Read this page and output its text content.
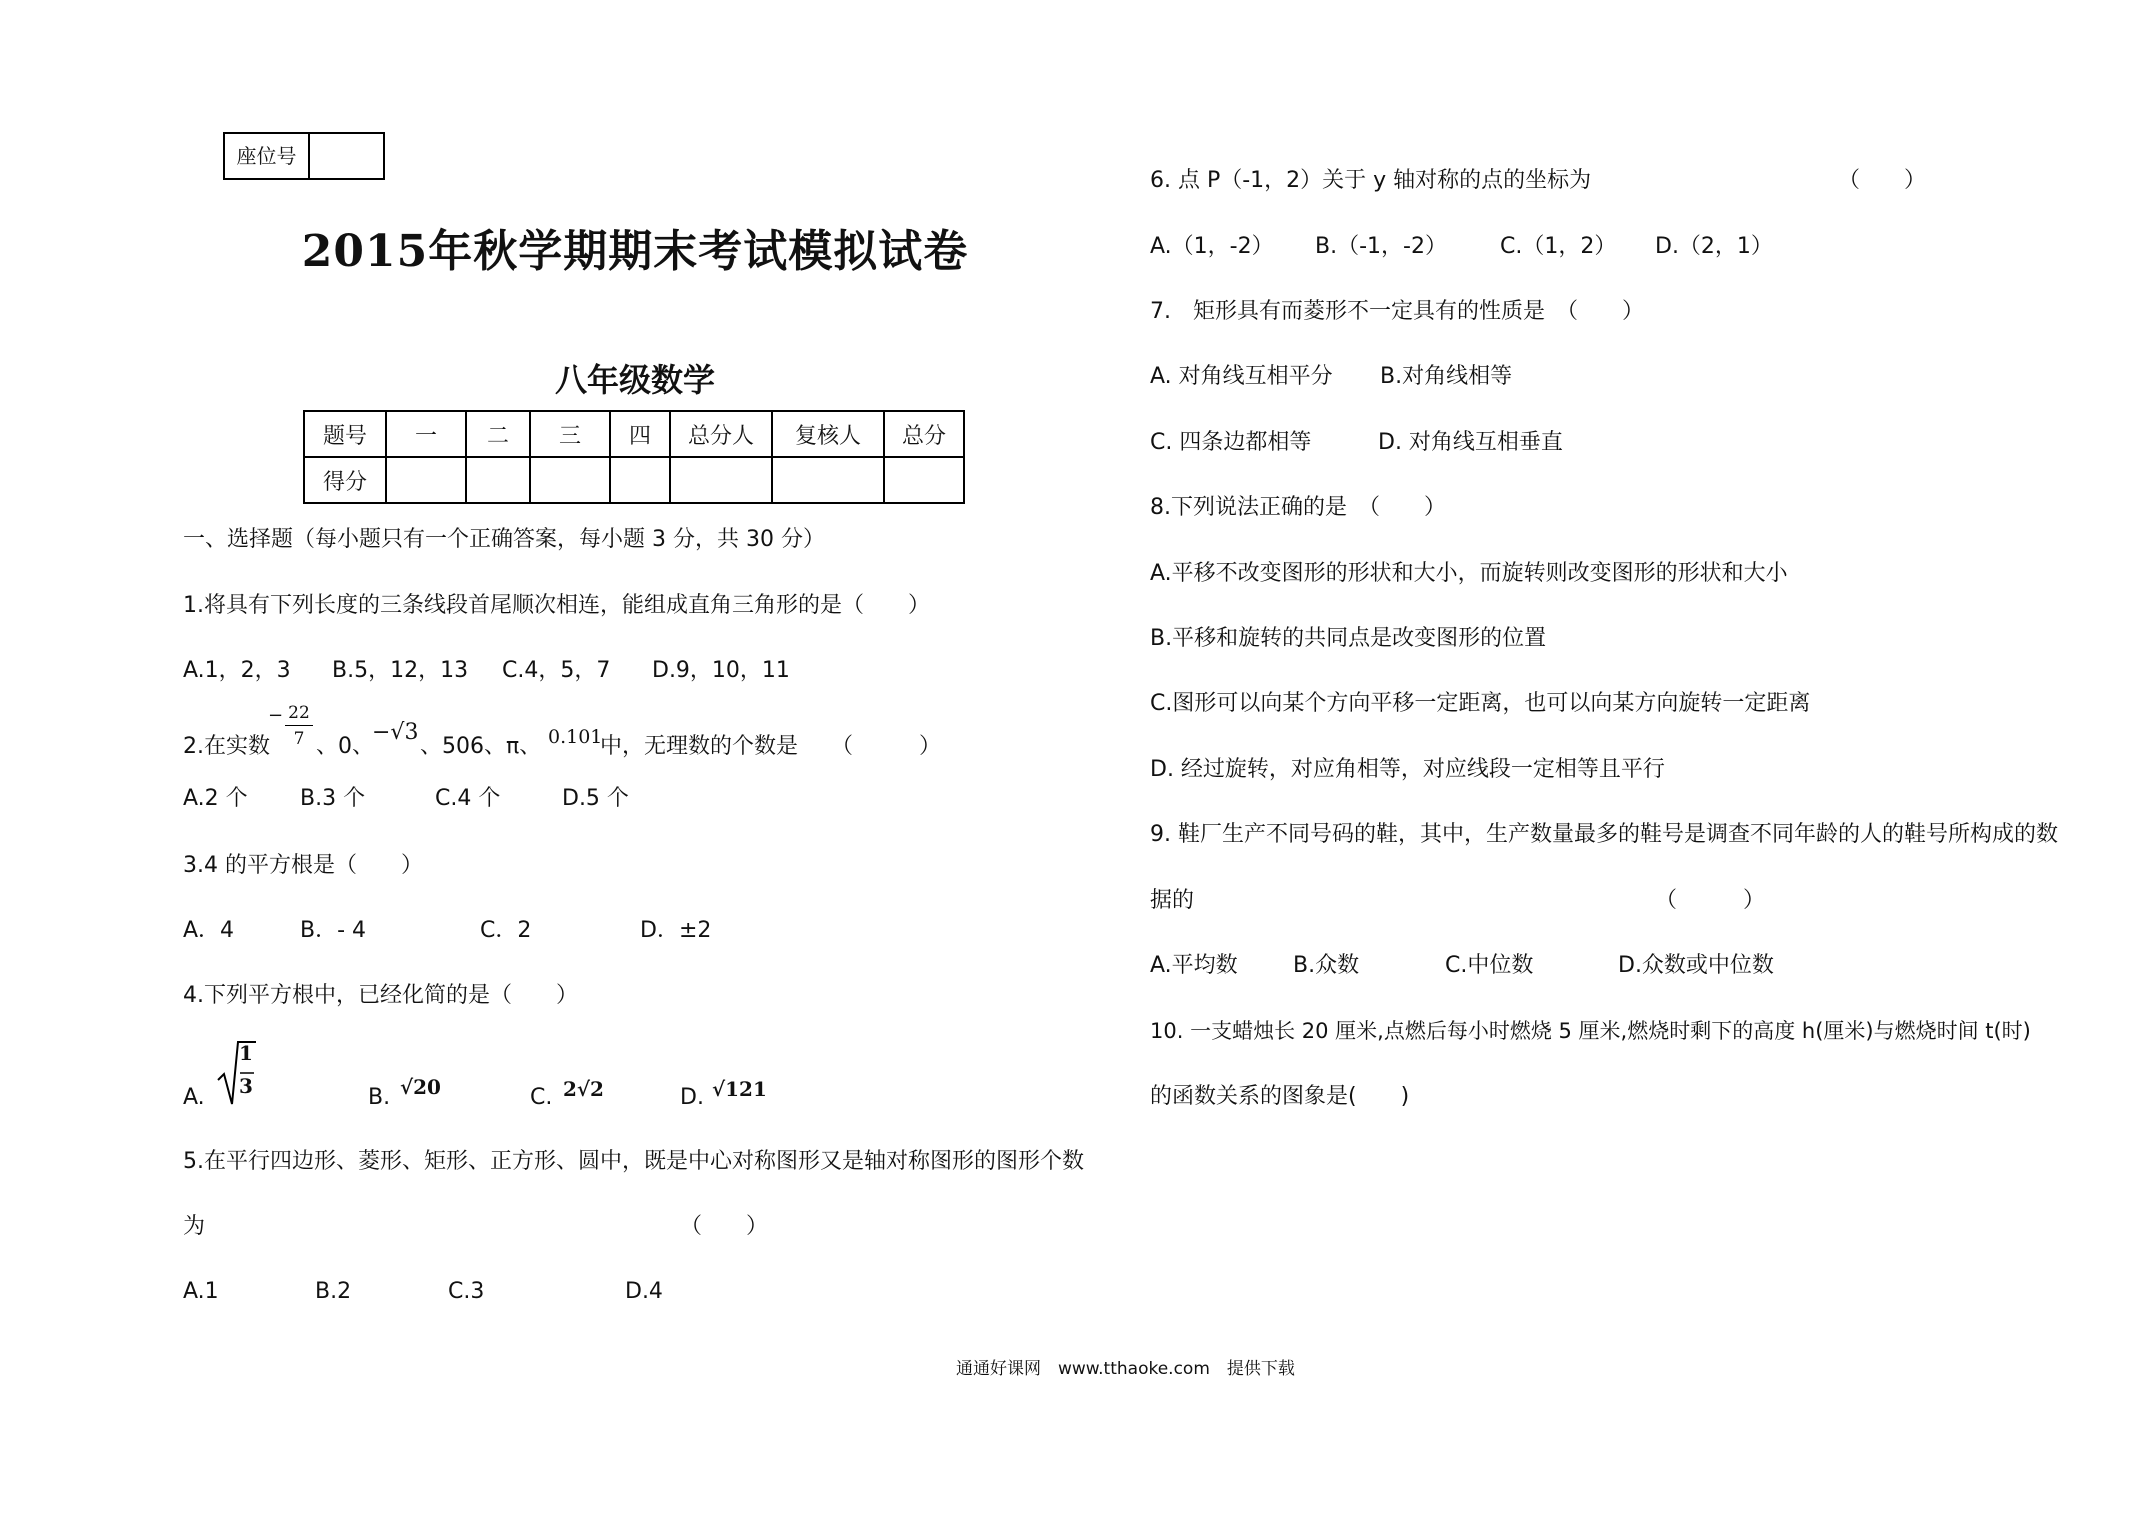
座位号
2015年秋学期期末考试模拟试卷
八年级数学
题号	一	二	三	四	总分人	复核人	总分
得分							
一、选择题（每小题只有一个正确答案，每小题 3 分，共 30 分）
1.将具有下列长度的三条线段首尾顺次相连，能组成直角三角形的是（　　）
A.1，2，3 B.5，12，13 C.4，5，7 D.9，10，11
2.在实数
− 22
7 、0、
−√3
、506、π、 0.101
中，无理数的个数是　　（　　　）
A.2 个 B.3 个	C.4 个	D.5 个
3.4 的平方根是（　　）
A．4	B．- 4	C．2	D．±2
4.下列平方根中，已经化简的是（　　）
A.
1
3	B. √20	C. 2√2	D. √121
5.在平行四边形、菱形、矩形、正方形、圆中，既是中心对称图形又是轴对称图形的图形个数
为	（　　）
A.1	B.2	C.3	D.4
6. 点 P（-1，2）关于 y 轴对称的点的坐标为	（　　）
A.（1，-2） B.（-1，-2） C.（1，2） D.（2，1）
7.　矩形具有而菱形不一定具有的性质是　（　　）
A. 对角线互相平分 B.对角线相等
C. 四条边都相等	D. 对角线互相垂直
8.下列说法正确的是　（　　）
A.平移不改变图形的形状和大小，而旋转则改变图形的形状和大小
B.平移和旋转的共同点是改变图形的位置
C.图形可以向某个方向平移一定距离，也可以向某方向旋转一定距离
D. 经过旋转，对应角相等，对应线段一定相等且平行
9. 鞋厂生产不同号码的鞋，其中，生产数量最多的鞋号是调查不同年龄的人的鞋号所构成的数
据的	（　　　）
A.平均数	B.众数	C.中位数	D.众数或中位数
10. 一支蜡烛长 20 厘米,点燃后每小时燃烧 5 厘米,燃烧时剩下的高度 h(厘米)与燃烧时间 t(时)
的函数关系的图象是(　　)
通通好课网　www.tthaoke.com　提供下载
